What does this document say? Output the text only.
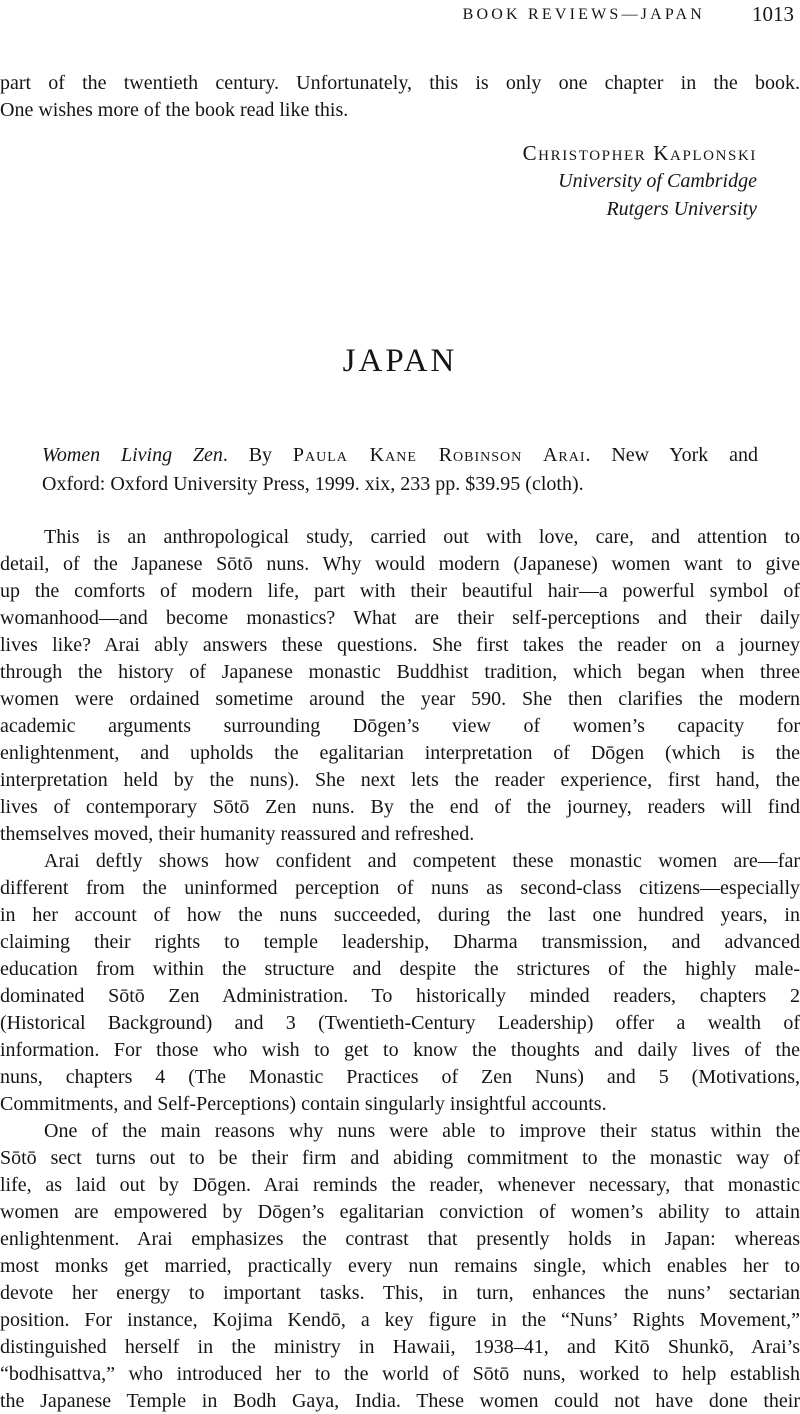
BOOK REVIEWS—JAPAN 1013
part of the twentieth century. Unfortunately, this is only one chapter in the book.
One wishes more of the book read like this.
Christopher Kaplonski
University of Cambridge
Rutgers University
JAPAN
Women Living Zen. By Paula Kane Robinson Arai. New York and
Oxford: Oxford University Press, 1999. xix, 233 pp. $39.95 (cloth).
This is an anthropological study, carried out with love, care, and attention to
detail, of the Japanese Sōtō nuns. Why would modern (Japanese) women want to give
up the comforts of modern life, part with their beautiful hair—a powerful symbol of
womanhood—and become monastics? What are their self-perceptions and their daily
lives like? Arai ably answers these questions. She first takes the reader on a journey
through the history of Japanese monastic Buddhist tradition, which began when three
women were ordained sometime around the year 590. She then clarifies the modern
academic arguments surrounding Dōgen’s view of women’s capacity for
enlightenment, and upholds the egalitarian interpretation of Dōgen (which is the
interpretation held by the nuns). She next lets the reader experience, first hand, the
lives of contemporary Sōtō Zen nuns. By the end of the journey, readers will find
themselves moved, their humanity reassured and refreshed.
Arai deftly shows how confident and competent these monastic women are—far
different from the uninformed perception of nuns as second-class citizens—especially
in her account of how the nuns succeeded, during the last one hundred years, in
claiming their rights to temple leadership, Dharma transmission, and advanced
education from within the structure and despite the strictures of the highly male-
dominated Sōtō Zen Administration. To historically minded readers, chapters 2
(Historical Background) and 3 (Twentieth-Century Leadership) offer a wealth of
information. For those who wish to get to know the thoughts and daily lives of the
nuns, chapters 4 (The Monastic Practices of Zen Nuns) and 5 (Motivations,
Commitments, and Self-Perceptions) contain singularly insightful accounts.
One of the main reasons why nuns were able to improve their status within the
Sōtō sect turns out to be their firm and abiding commitment to the monastic way of
life, as laid out by Dōgen. Arai reminds the reader, whenever necessary, that monastic
women are empowered by Dōgen’s egalitarian conviction of women’s ability to attain
enlightenment. Arai emphasizes the contrast that presently holds in Japan: whereas
most monks get married, practically every nun remains single, which enables her to
devote her energy to important tasks. This, in turn, enhances the nuns’ sectarian
position. For instance, Kojima Kendō, a key figure in the “Nuns’ Rights Movement,”
distinguished herself in the ministry in Hawaii, 1938–41, and Kitō Shunkō, Arai’s
“bodhisattva,” who introduced her to the world of Sōtō nuns, worked to help establish
the Japanese Temple in Bodh Gaya, India. These women could not have done their
